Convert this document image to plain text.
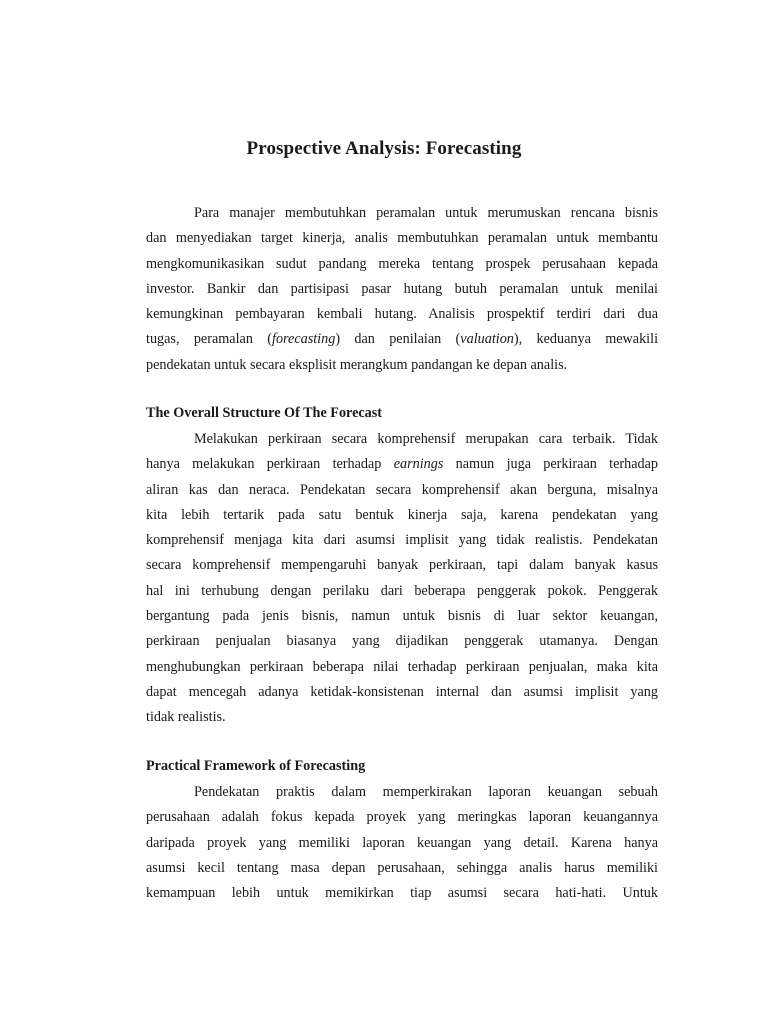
Prospective Analysis: Forecasting
Para manajer membutuhkan peramalan untuk merumuskan rencana bisnis
dan menyediakan target kinerja, analis membutuhkan peramalan untuk membantu
mengkomunikasikan sudut pandang mereka tentang prospek perusahaan kepada
investor. Bankir dan partisipasi pasar hutang butuh peramalan untuk menilai
kemungkinan pembayaran kembali hutang. Analisis prospektif terdiri dari dua
tugas, peramalan (forecasting) dan penilaian (valuation), keduanya mewakili
pendekatan untuk secara eksplisit merangkum pandangan ke depan analis.
The Overall Structure Of The Forecast
Melakukan perkiraan secara komprehensif merupakan cara terbaik. Tidak
hanya melakukan perkiraan terhadap earnings namun juga perkiraan terhadap
aliran kas dan neraca. Pendekatan secara komprehensif akan berguna, misalnya
kita lebih tertarik pada satu bentuk kinerja saja, karena pendekatan yang
komprehensif menjaga kita dari asumsi implisit yang tidak realistis. Pendekatan
secara komprehensif mempengaruhi banyak perkiraan, tapi dalam banyak kasus
hal ini terhubung dengan perilaku dari beberapa penggerak pokok. Penggerak
bergantung pada jenis bisnis, namun untuk bisnis di luar sektor keuangan,
perkiraan penjualan biasanya yang dijadikan penggerak utamanya. Dengan
menghubungkan perkiraan beberapa nilai terhadap perkiraan penjualan, maka kita
dapat mencegah adanya ketidak-konsistenan internal dan asumsi implisit yang
tidak realistis.
Practical Framework of Forecasting
Pendekatan praktis dalam memperkirakan laporan keuangan sebuah
perusahaan adalah fokus kepada proyek yang meringkas laporan keuangannya
daripada proyek yang memiliki laporan keuangan yang detail. Karena hanya
asumsi kecil tentang masa depan perusahaan, sehingga analis harus memiliki
kemampuan lebih untuk memikirkan tiap asumsi secara hati-hati. Untuk
